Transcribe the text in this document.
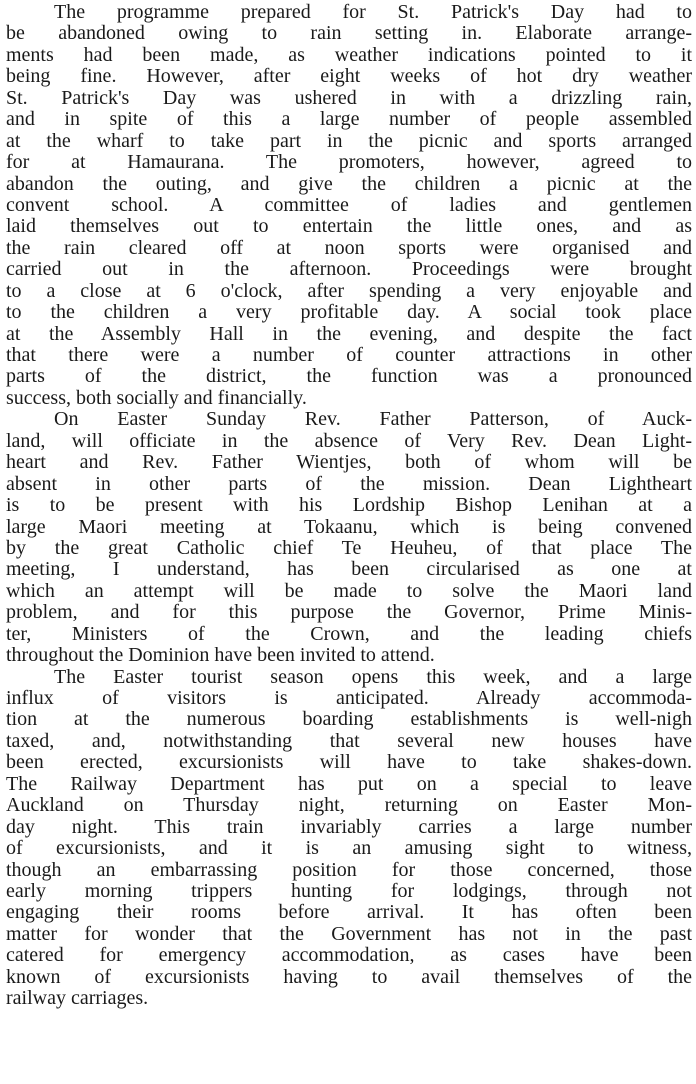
The programme prepared for St. Patrick's Day had to
be abandoned owing to rain setting in. Elaborate arrange-
ments had been made, as weather indications pointed to it
being fine. However, after eight weeks of hot dry weather
St. Patrick's Day was ushered in with a drizzling rain,
and in spite of this a large number of people assembled
at the wharf to take part in the picnic and sports arranged
for at Hamaurana. The promoters, however, agreed to
abandon the outing, and give the children a picnic at the
convent school. A committee of ladies and gentlemen
laid themselves out to entertain the little ones, and as
the rain cleared off at noon sports were organised and
carried out in the afternoon. Proceedings were brought
to a close at 6 o'clock, after spending a very enjoyable and
to the children a very profitable day. A social took place
at the Assembly Hall in the evening, and despite the fact
that there were a number of counter attractions in other
parts of the district, the function was a pronounced
success, both socially and financially.
On Easter Sunday Rev. Father Patterson, of Auck-
land, will officiate in the absence of Very Rev. Dean Light-
heart and Rev. Father Wientjes, both of whom will be
absent in other parts of the mission. Dean Lightheart
is to be present with his Lordship Bishop Lenihan at a
large Maori meeting at Tokaanu, which is being convened
by the great Catholic chief Te Heuheu, of that place The
meeting, I understand, has been circularised as one at
which an attempt will be made to solve the Maori land
problem, and for this purpose the Governor, Prime Minis-
ter, Ministers of the Crown, and the leading chiefs
throughout the Dominion have been invited to attend.
The Easter tourist season opens this week, and a large
influx of visitors is anticipated. Already accommoda-
tion at the numerous boarding establishments is well-nigh
taxed, and, notwithstanding that several new houses have
been erected, excursionists will have to take shakes-down.
The Railway Department has put on a special to leave
Auckland on Thursday night, returning on Easter Mon-
day night. This train invariably carries a large number
of excursionists, and it is an amusing sight to witness,
though an embarrassing position for those concerned, those
early morning trippers hunting for lodgings, through not
engaging their rooms before arrival. It has often been
matter for wonder that the Government has not in the past
catered for emergency accommodation, as cases have been
known of excursionists having to avail themselves of the
railway carriages.
